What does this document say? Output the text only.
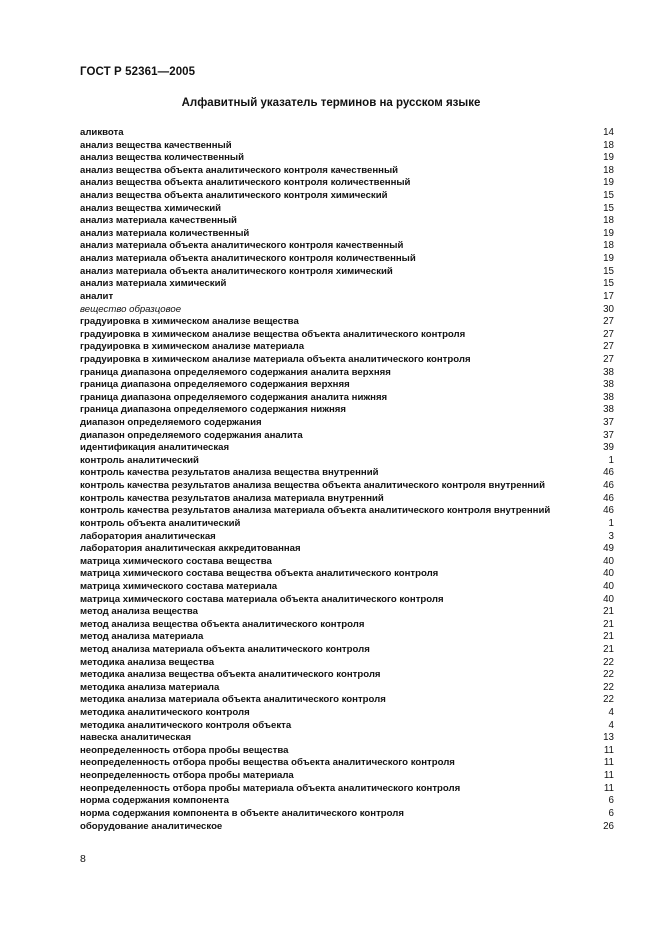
ГОСТ Р 52361—2005
Алфавитный указатель терминов на русском языке
аликвота	14
анализ вещества качественный	18
анализ вещества количественный	19
анализ вещества объекта аналитического контроля качественный	18
анализ вещества объекта аналитического контроля количественный	19
анализ вещества объекта аналитического контроля химический	15
анализ вещества химический	15
анализ материала качественный	18
анализ материала количественный	19
анализ материала объекта аналитического контроля качественный	18
анализ материала объекта аналитического контроля количественный	19
анализ материала объекта аналитического контроля химический	15
анализ материала химический	15
аналит	17
вещество образцовое	30
градуировка в химическом анализе вещества	27
градуировка в химическом анализе вещества объекта аналитического контроля	27
градуировка в химическом анализе материала	27
градуировка в химическом анализе материала объекта аналитического контроля	27
граница диапазона определяемого содержания аналита верхняя	38
граница диапазона определяемого содержания верхняя	38
граница диапазона определяемого содержания аналита нижняя	38
граница диапазона определяемого содержания нижняя	38
диапазон определяемого содержания	37
диапазон определяемого содержания аналита	37
идентификация аналитическая	39
контроль аналитический	1
контроль качества результатов анализа вещества внутренний	46
контроль качества результатов анализа вещества объекта аналитического контроля внутренний	46
контроль качества результатов анализа материала внутренний	46
контроль качества результатов анализа материала объекта аналитического контроля внутренний	46
контроль объекта аналитический	1
лаборатория аналитическая	3
лаборатория аналитическая аккредитованная	49
матрица химического состава вещества	40
матрица химического состава вещества объекта аналитического контроля	40
матрица химического состава материала	40
матрица химического состава материала объекта аналитического контроля	40
метод анализа вещества	21
метод анализа вещества объекта аналитического контроля	21
метод анализа материала	21
метод анализа материала объекта аналитического контроля	21
методика анализа вещества	22
методика анализа вещества объекта аналитического контроля	22
методика анализа материала	22
методика анализа материала объекта аналитического контроля	22
методика аналитического контроля	4
методика аналитического контроля объекта	4
навеска аналитическая	13
неопределенность отбора пробы вещества	11
неопределенность отбора пробы вещества объекта аналитического контроля	11
неопределенность отбора пробы материала	11
неопределенность отбора пробы материала объекта аналитического контроля	11
норма содержания компонента	6
норма содержания компонента в объекте аналитического контроля	6
оборудование аналитическое	26
8
